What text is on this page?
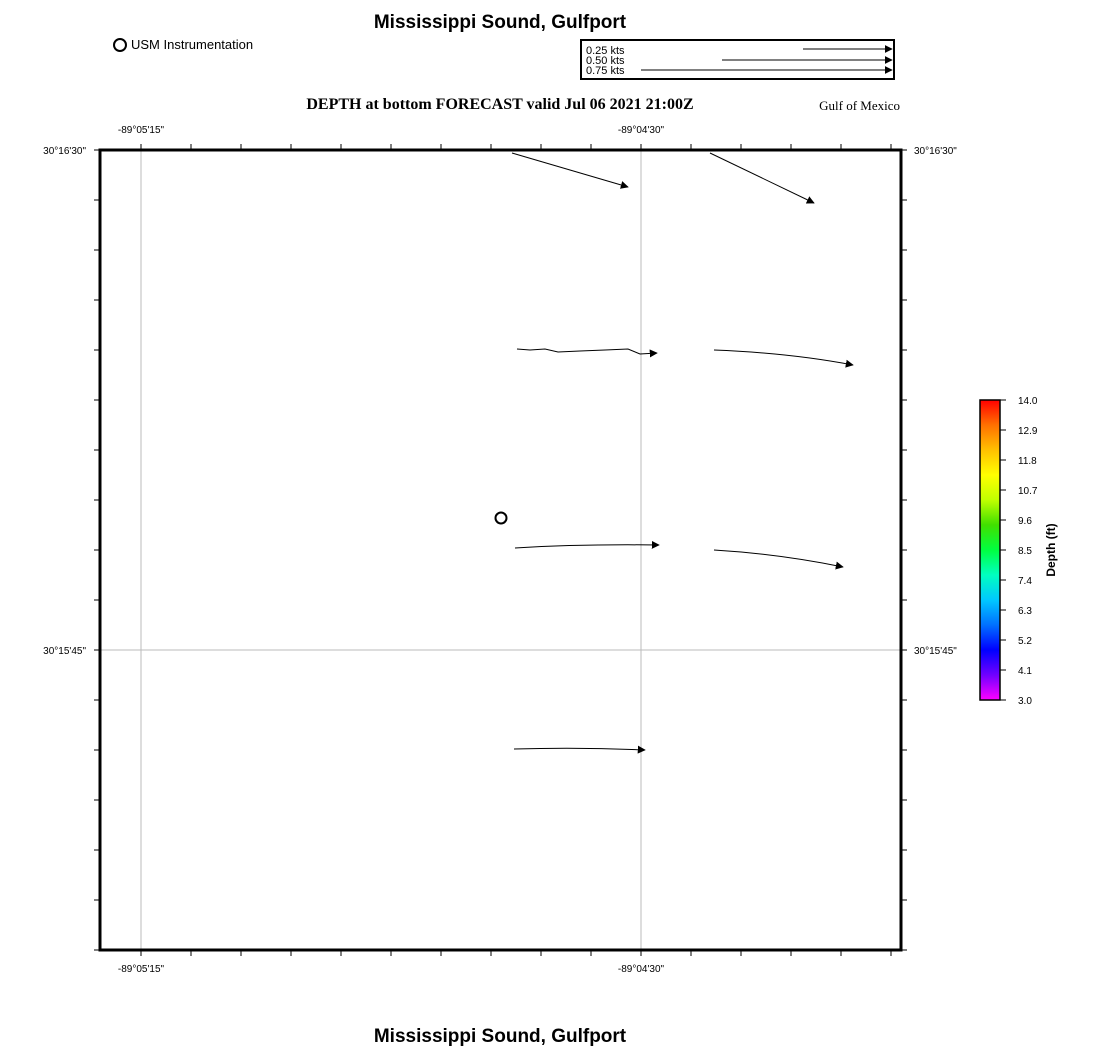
Mississippi Sound, Gulfport
USM Instrumentation
DEPTH at bottom FORECAST valid Jul 06 2021 21:00Z	Gulf of Mexico
0.25 kts
0.50 kts
0.75 kts
-89°05'15"	-89°04'30"
-89°05'15"	-89°04'30"
30°16'30"
30°15'45"
30°16'30"
30°15'45"
14.0
12.9
11.8
10.7
9.6
8.5
7.4
6.3
5.2
4.1
3.0
Depth (ft)
Mississippi Sound, Gulfport
